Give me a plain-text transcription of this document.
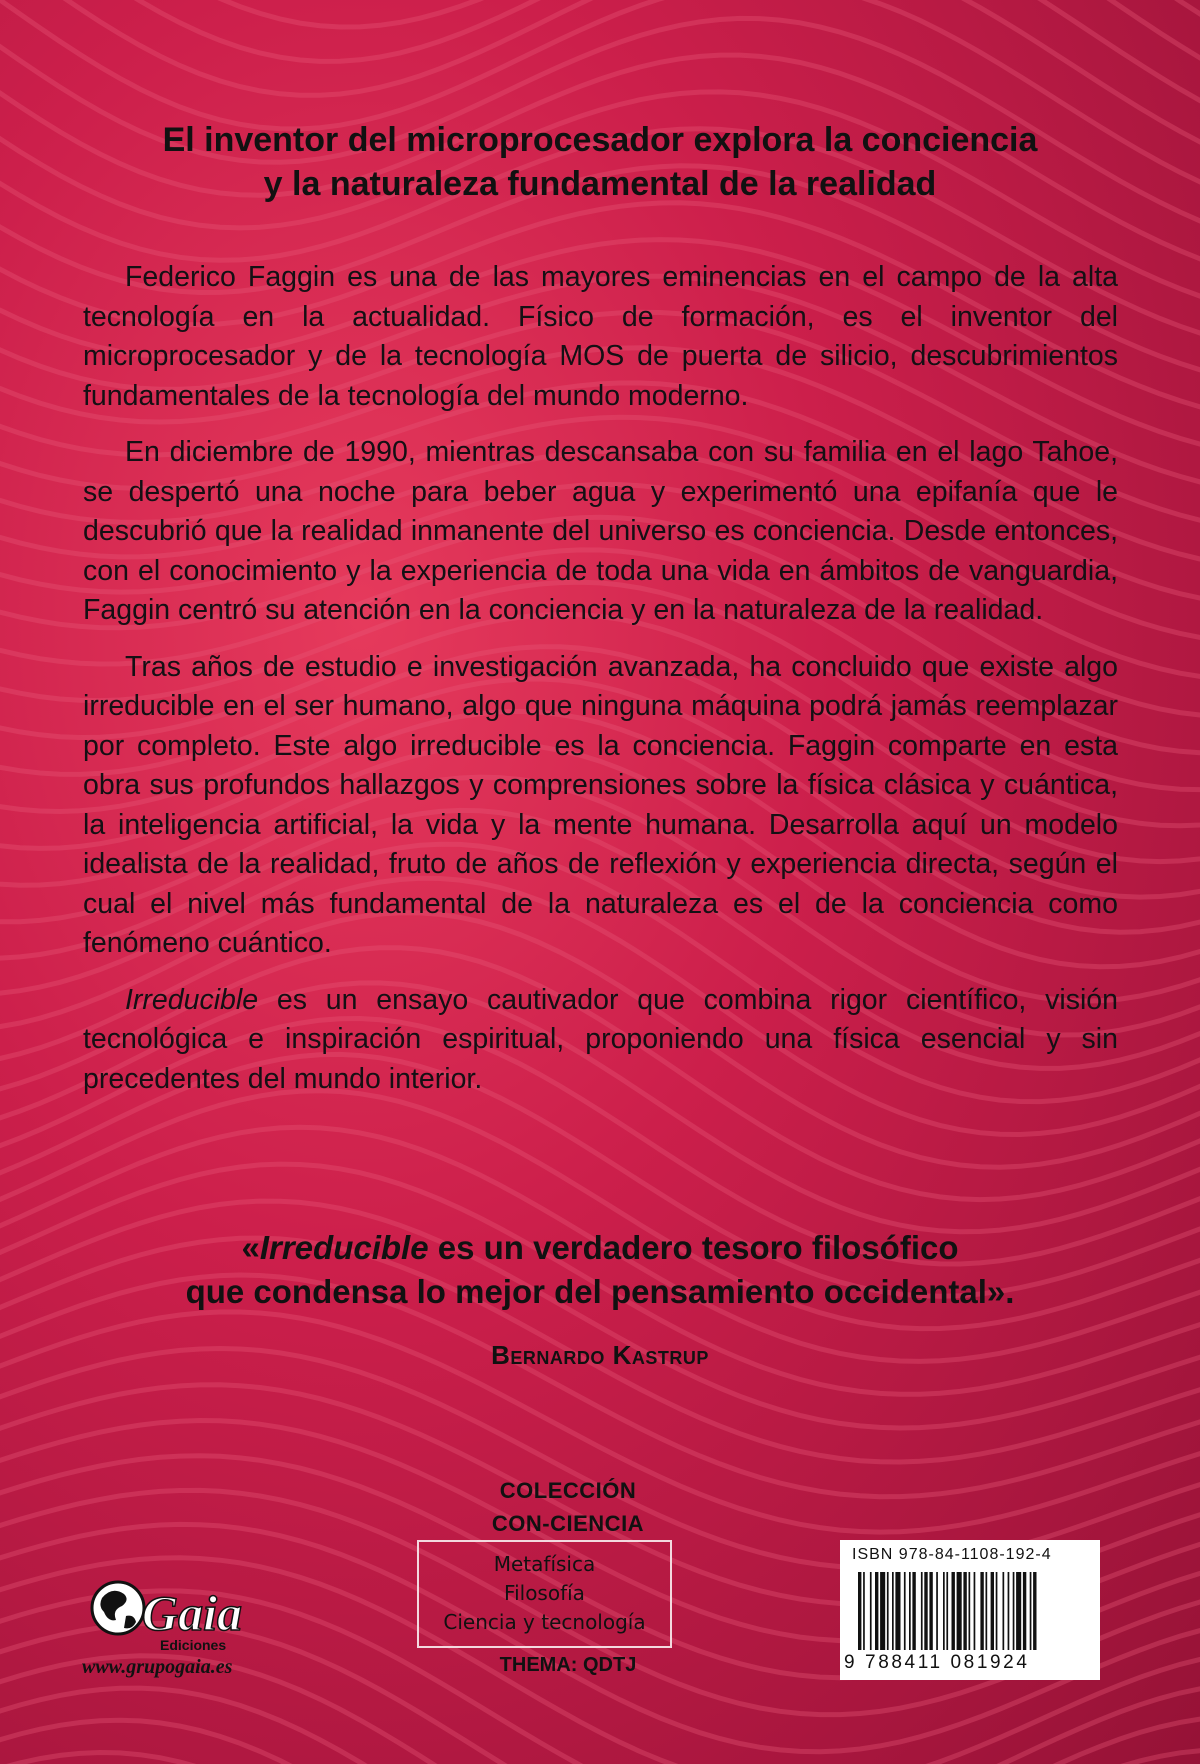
El inventor del microprocesador explora la conciencia
y la naturaleza fundamental de la realidad

Federico Faggin es una de las mayores eminencias en el campo de la alta tecnología en la actualidad. Físico de formación, es el inventor del microprocesador y de la tecnología MOS de puerta de silicio, descubrimientos fundamentales de la tecnología del mundo moderno.

En diciembre de 1990, mientras descansaba con su familia en el lago Tahoe, se despertó una noche para beber agua y experimentó una epifanía que le descubrió que la realidad inmanente del universo es conciencia. Desde entonces, con el conocimiento y la experiencia de toda una vida en ámbitos de vanguardia, Faggin centró su atención en la conciencia y en la naturaleza de la realidad.

Tras años de estudio e investigación avanzada, ha concluido que existe algo irreducible en el ser humano, algo que ninguna máquina podrá jamás reemplazar por completo. Este algo irreducible es la conciencia. Faggin comparte en esta obra sus profundos hallazgos y comprensiones sobre la física clásica y cuántica, la inteligencia artificial, la vida y la mente humana. Desarrolla aquí un modelo idealista de la realidad, fruto de años de reflexión y experiencia directa, según el cual el nivel más fundamental de la naturaleza es el de la conciencia como fenómeno cuántico.

Irreducible es un ensayo cautivador que combina rigor científico, visión tecnológica e inspiración espiritual, proponiendo una física esencial y sin precedentes del mundo interior.

«Irreducible es un verdadero tesoro filosófico
que condensa lo mejor del pensamiento occidental».
Bernardo Kastrup
Gaia
Ediciones
www.grupogaia.es
COLECCIÓN
CON-CIENCIA
Metafísica
Filosofía
Ciencia y tecnología
THEMA: QDTJ
ISBN 978-84-1108-192-4
9 788411 081924
